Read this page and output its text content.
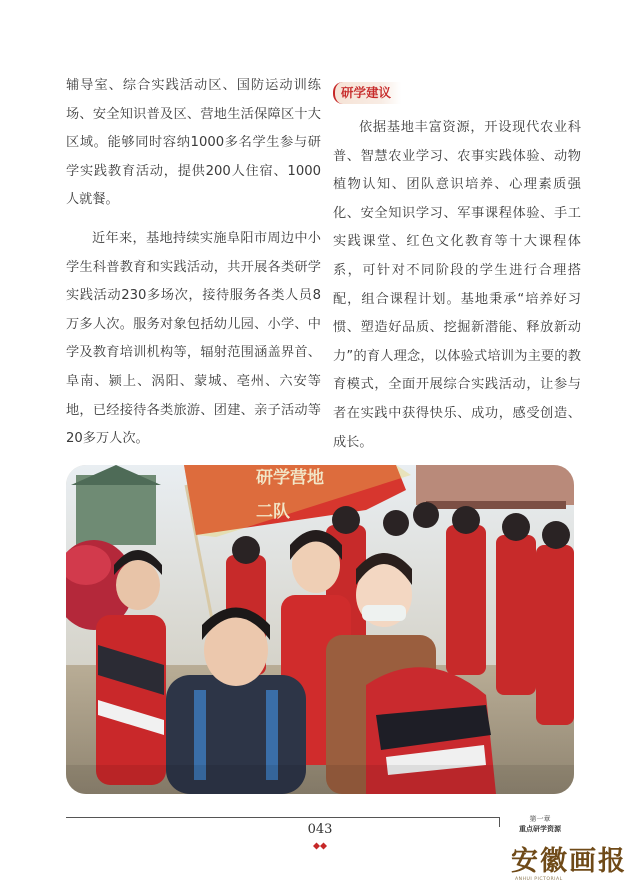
辅导室、综合实践活动区、国防运动训练场、安全知识普及区、营地生活保障区十大区域。能够同时容纳1000多名学生参与研学实践教育活动，提供200人住宿、1000人就餐。

近年来，基地持续实施阜阳市周边中小学生科普教育和实践活动，共开展各类研学实践活动230多场次，接待服务各类人员8万多人次。服务对象包括幼儿园、小学、中学及教育培训机构等，辐射范围涵盖界首、阜南、颍上、涡阳、蒙城、亳州、六安等地，已经接待各类旅游、团建、亲子活动等20多万人次。

研学建议

依据基地丰富资源，开设现代农业科普、智慧农业学习、农事实践体验、动物植物认知、团队意识培养、心理素质强化、安全知识学习、军事课程体验、手工实践课堂、红色文化教育等十大课程体系，可针对不同阶段的学生进行合理搭配，组合课程计划。基地秉承“培养好习惯、塑造好品质、挖掘新潜能、释放新动力”的育人理念，以体验式培训为主要的教育模式，全面开展综合实践活动，让参与者在实践中获得快乐、成功，感受创造、成长。

研学营地
二队
043
第一章
重点研学资源
安徽画报
ANHUI PICTORIAL
